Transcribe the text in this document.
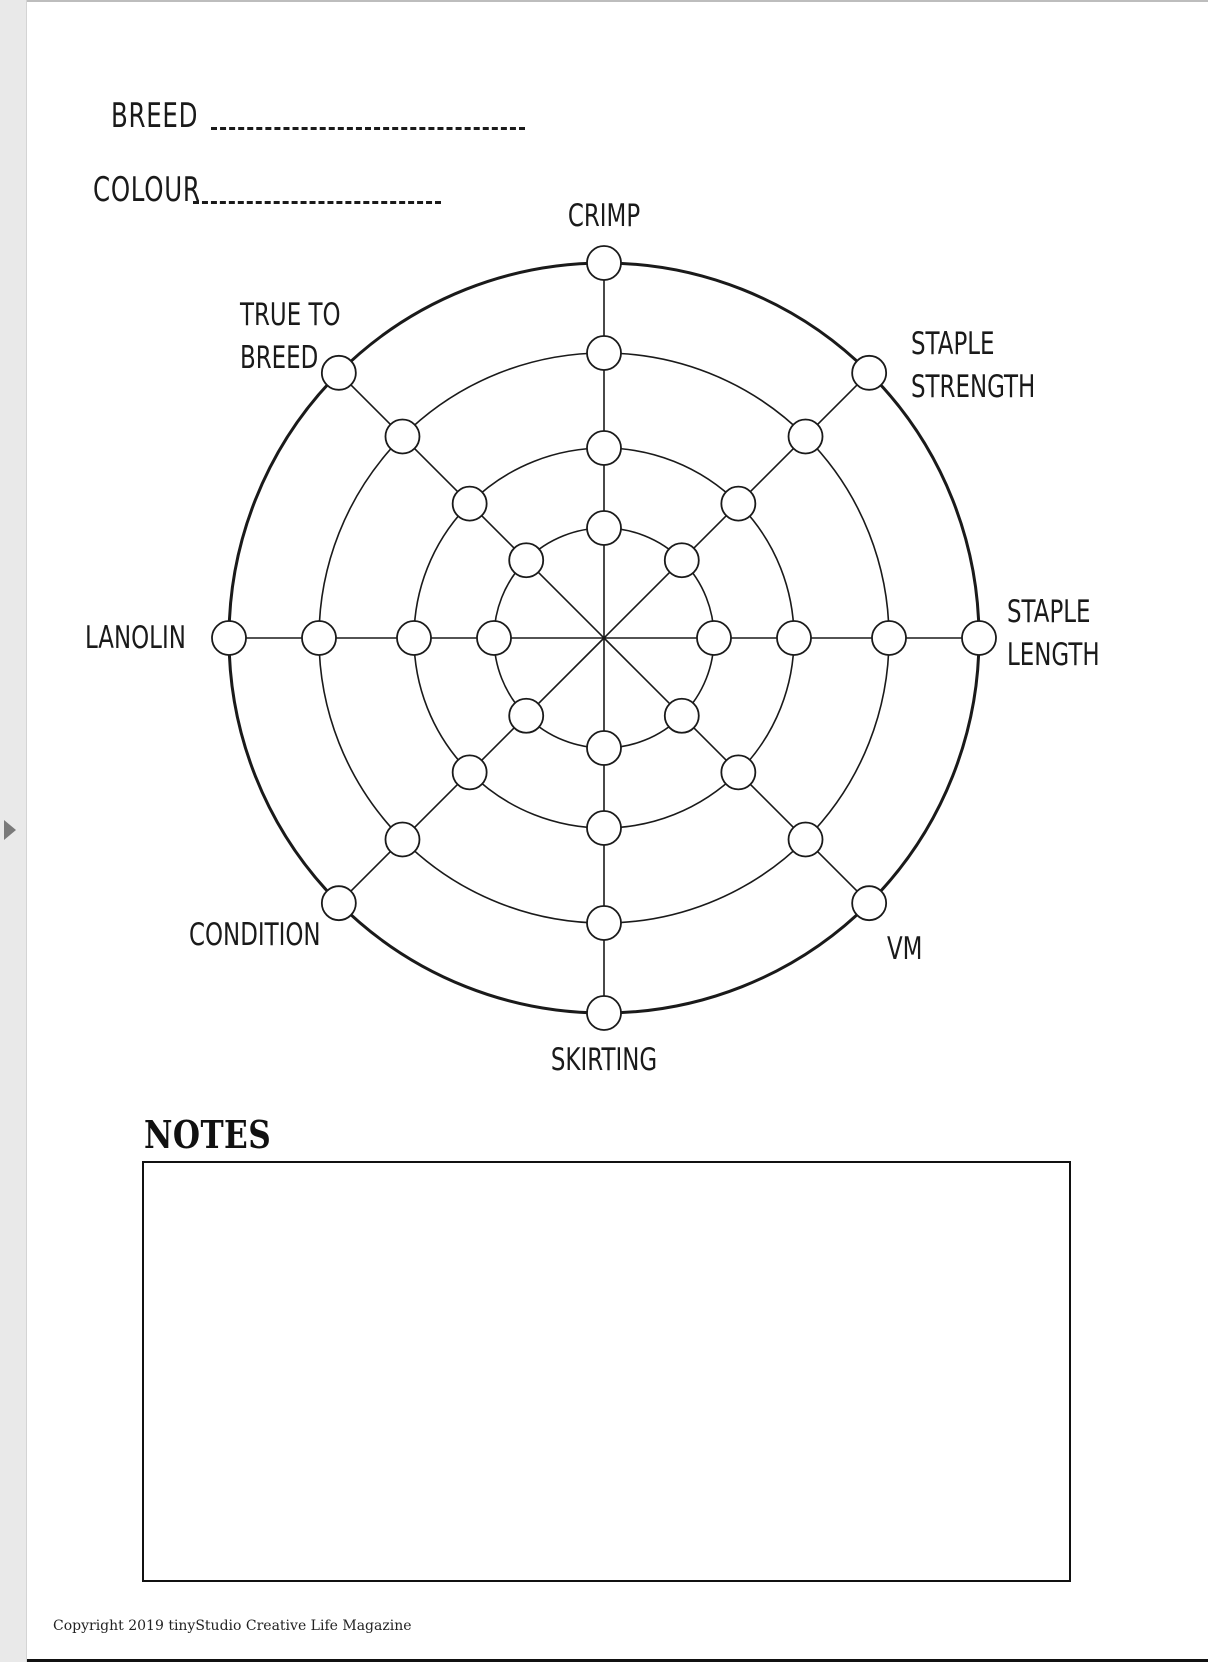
BREED
COLOUR
CRIMP
STAPLE STRENGTH
STAPLE LENGTH
VM
SKIRTING
CONDITION
LANOLIN
TRUE TO BREED
NOTES
Copyright 2019 tinyStudio Creative Life Magazine
